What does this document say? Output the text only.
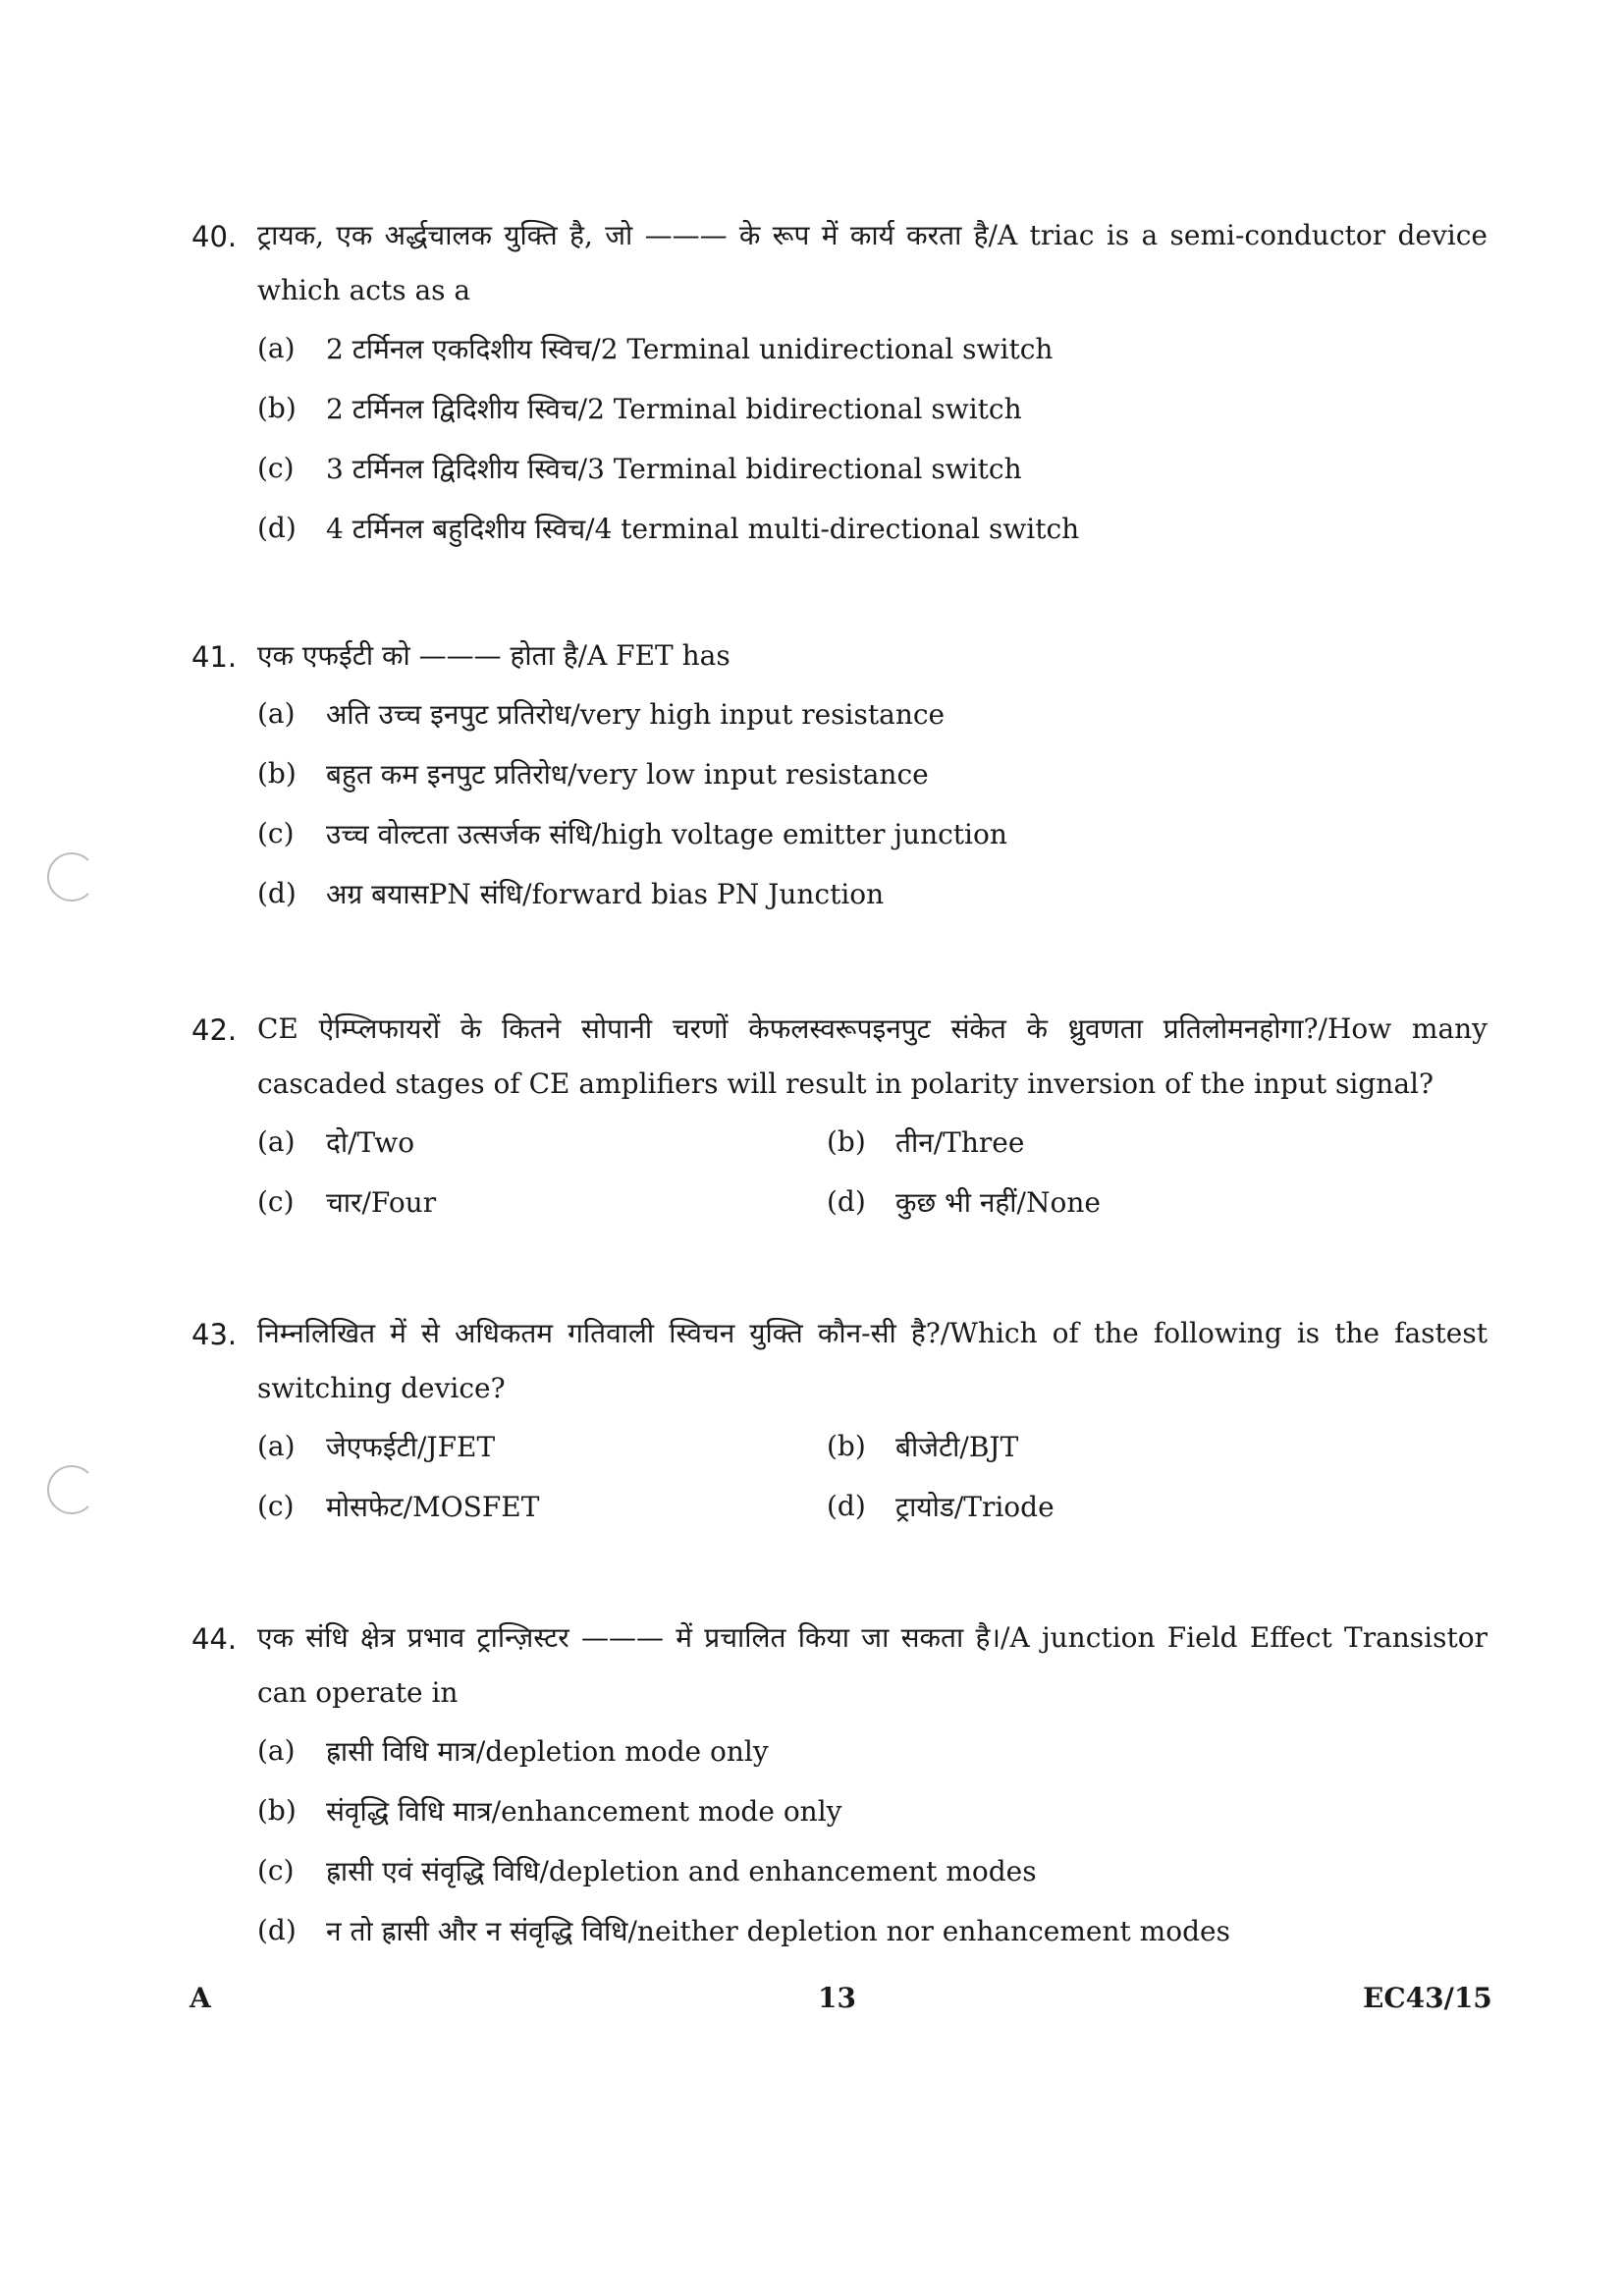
40. ट्रायक, एक अर्द्धचालक युक्ति है, जो ——— के रूप में कार्य करता है/A triac is a semi-conductor device which acts as a
(a)	2 टर्मिनल एकदिशीय स्विच/2 Terminal unidirectional switch
(b)	2 टर्मिनल द्विदिशीय स्विच/2 Terminal bidirectional switch
(c)	3 टर्मिनल द्विदिशीय स्विच/3 Terminal bidirectional switch
(d)	4 टर्मिनल बहुदिशीय स्विच/4 terminal multi-directional switch
41. एक एफईटी को ——— होता है/A FET has
(a)	अति उच्च इनपुट प्रतिरोध/very high input resistance
(b)	बहुत कम इनपुट प्रतिरोध/very low input resistance
(c)	उच्च वोल्टता उत्सर्जक संधि/high voltage emitter junction
(d)	अग्र बयासPN संधि/forward bias PN Junction
42. CE ऐम्प्लिफायरों के कितने सोपानी चरणों केफलस्वरूपइनपुट संकेत के ध्रुवणता प्रतिलोमनहोगा?/How many cascaded stages of CE amplifiers will result in polarity inversion of the input signal?
(a)	दो/Two	(b)	तीन/Three
(c)	चार/Four	(d)	कुछ भी नहीं/None
43. निम्नलिखित में से अधिकतम गतिवाली स्विचन युक्ति कौन-सी है?/Which of the following is the fastest switching device?
(a)	जेएफईटी/JFET	(b)	बीजेटी/BJT
(c)	मोसफेट/MOSFET	(d)	ट्रायोड/Triode
44. एक संधि क्षेत्र प्रभाव ट्रान्ज़िस्टर ——— में प्रचालित किया जा सकता है।/A junction Field Effect Transistor can operate in
(a)	ह्रासी विधि मात्र/depletion mode only
(b)	संवृद्धि विधि मात्र/enhancement mode only
(c)	ह्रासी एवं संवृद्धि विधि/depletion and enhancement modes
(d)	न तो ह्रासी और न संवृद्धि विधि/neither depletion nor enhancement modes
A	13	EC43/15
